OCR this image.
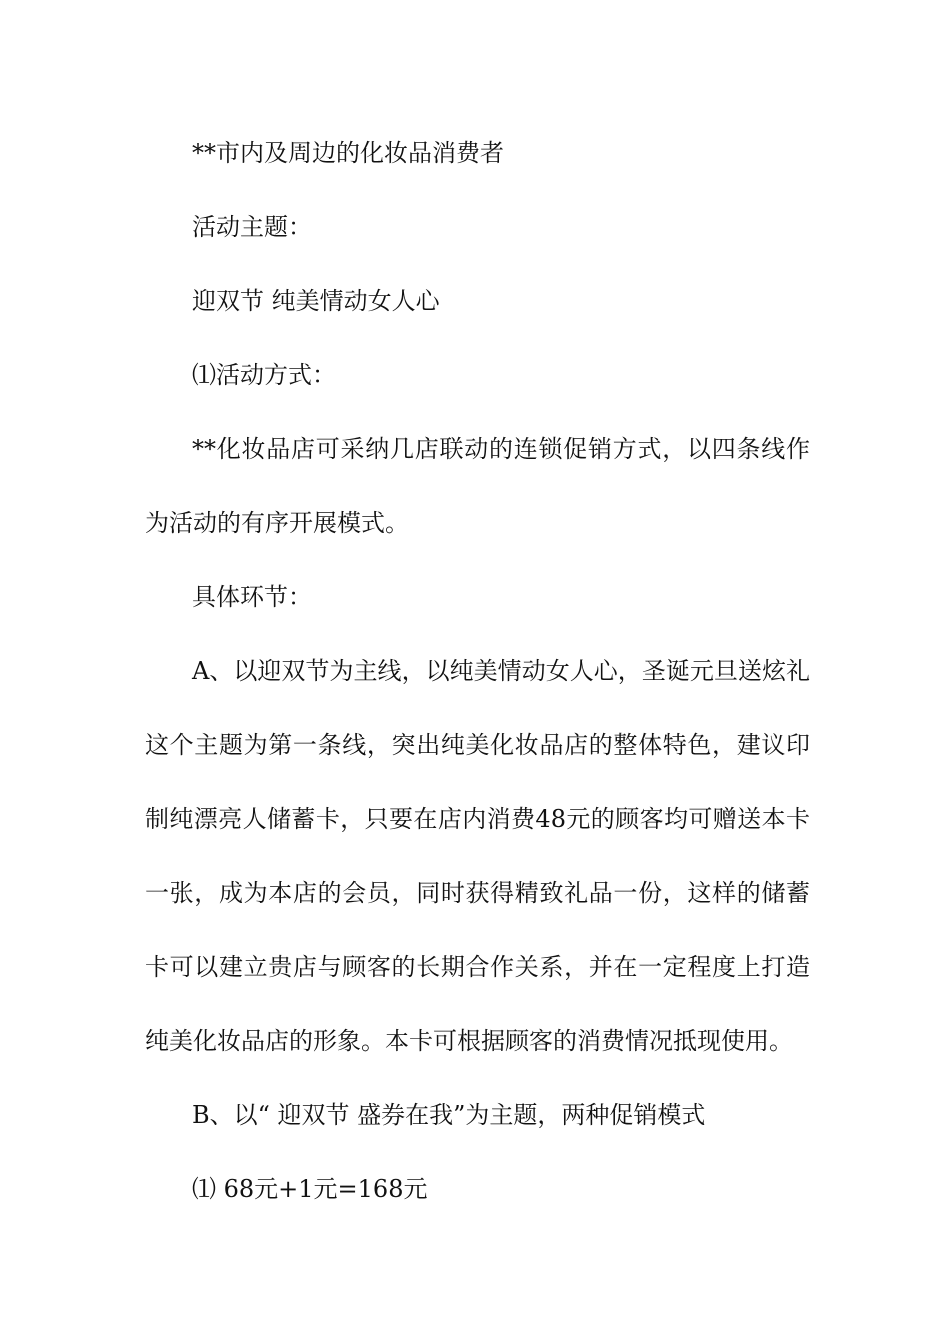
**市内及周边的化妆品消费者

活动主题：

迎双节 纯美情动女人心

⑴活动方式：

**化妆品店可采纳几店联动的连锁促销方式，以四条线作为活动的有序开展模式。

具体环节：

A、以迎双节为主线，以纯美情动女人心，圣诞元旦送炫礼这个主题为第一条线，突出纯美化妆品店的整体特色，建议印制纯漂亮人储蓄卡，只要在店内消费48元的顾客均可赠送本卡一张，成为本店的会员，同时获得精致礼品一份，这样的储蓄卡可以建立贵店与顾客的长期合作关系，并在一定程度上打造纯美化妆品店的形象。本卡可根据顾客的消费情况抵现使用。

B、以“ 迎双节 盛券在我”为主题，两种促销模式

⑴ 68元+1元=168元
